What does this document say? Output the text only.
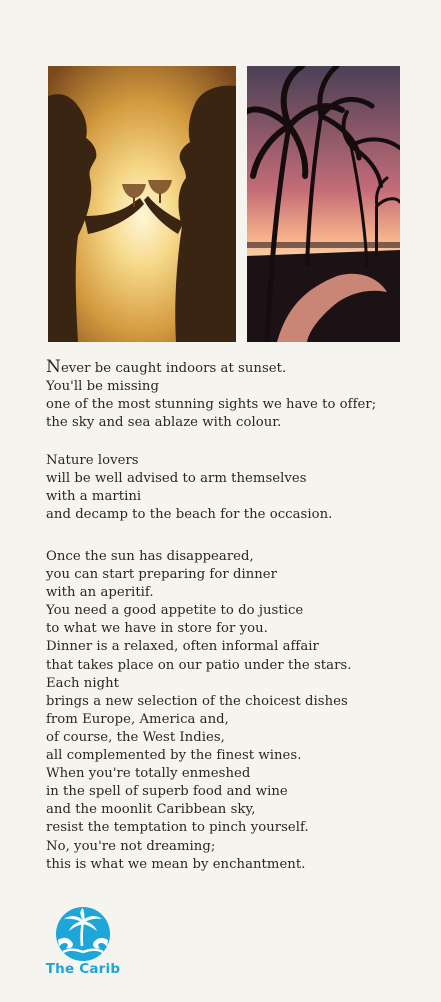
Never be caught indoors at sunset.
You'll be missing
one of the most stunning sights we have to offer;
the sky and sea ablaze with colour.
Nature lovers
will be well advised to arm themselves
with a martini
and decamp to the beach for the occasion.
Once the sun has disappeared,
you can start preparing for dinner
with an aperitif.
You need a good appetite to do justice
to what we have in store for you.
Dinner is a relaxed, often informal affair
that takes place on our patio under the stars.
Each night
brings a new selection of the choicest dishes
from Europe, America and,
of course, the West Indies,
all complemented by the finest wines.
When you're totally enmeshed
in the spell of superb food and wine
and the moonlit Caribbean sky,
resist the temptation to pinch yourself.
No, you're not dreaming;
this is what we mean by enchantment.
The Carib
